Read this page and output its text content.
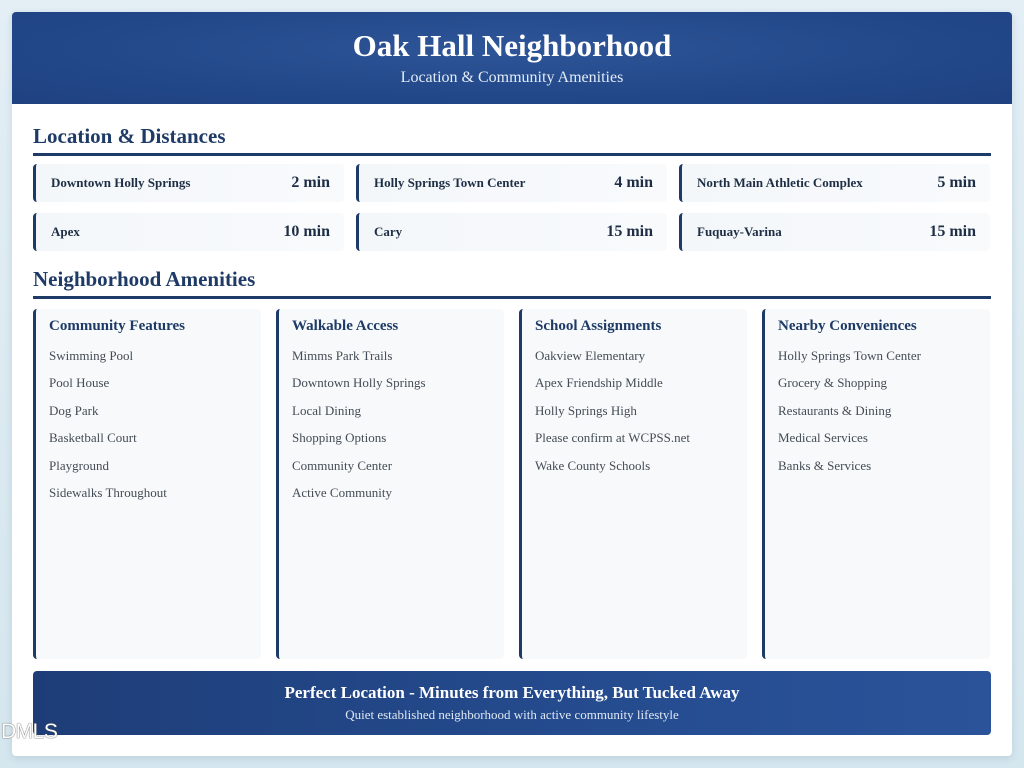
Oak Hall Neighborhood
Location & Community Amenities
Location & Distances
Downtown Holly Springs	2 min	Holly Springs Town Center	4 min	North Main Athletic Complex	5 min
Apex	10 min	Cary	15 min	Fuquay-Varina	15 min
Neighborhood Amenities
Community Features
Swimming Pool
Pool House
Dog Park
Basketball Court
Playground
Sidewalks Throughout
Walkable Access
Mimms Park Trails
Downtown Holly Springs
Local Dining
Shopping Options
Community Center
Active Community
School Assignments
Oakview Elementary
Apex Friendship Middle
Holly Springs High
Please confirm at WCPSS.net
Wake County Schools
Nearby Conveniences
Holly Springs Town Center
Grocery & Shopping
Restaurants & Dining
Medical Services
Banks & Services
Perfect Location - Minutes from Everything, But Tucked Away
Quiet established neighborhood with active community lifestyle
DMLS
